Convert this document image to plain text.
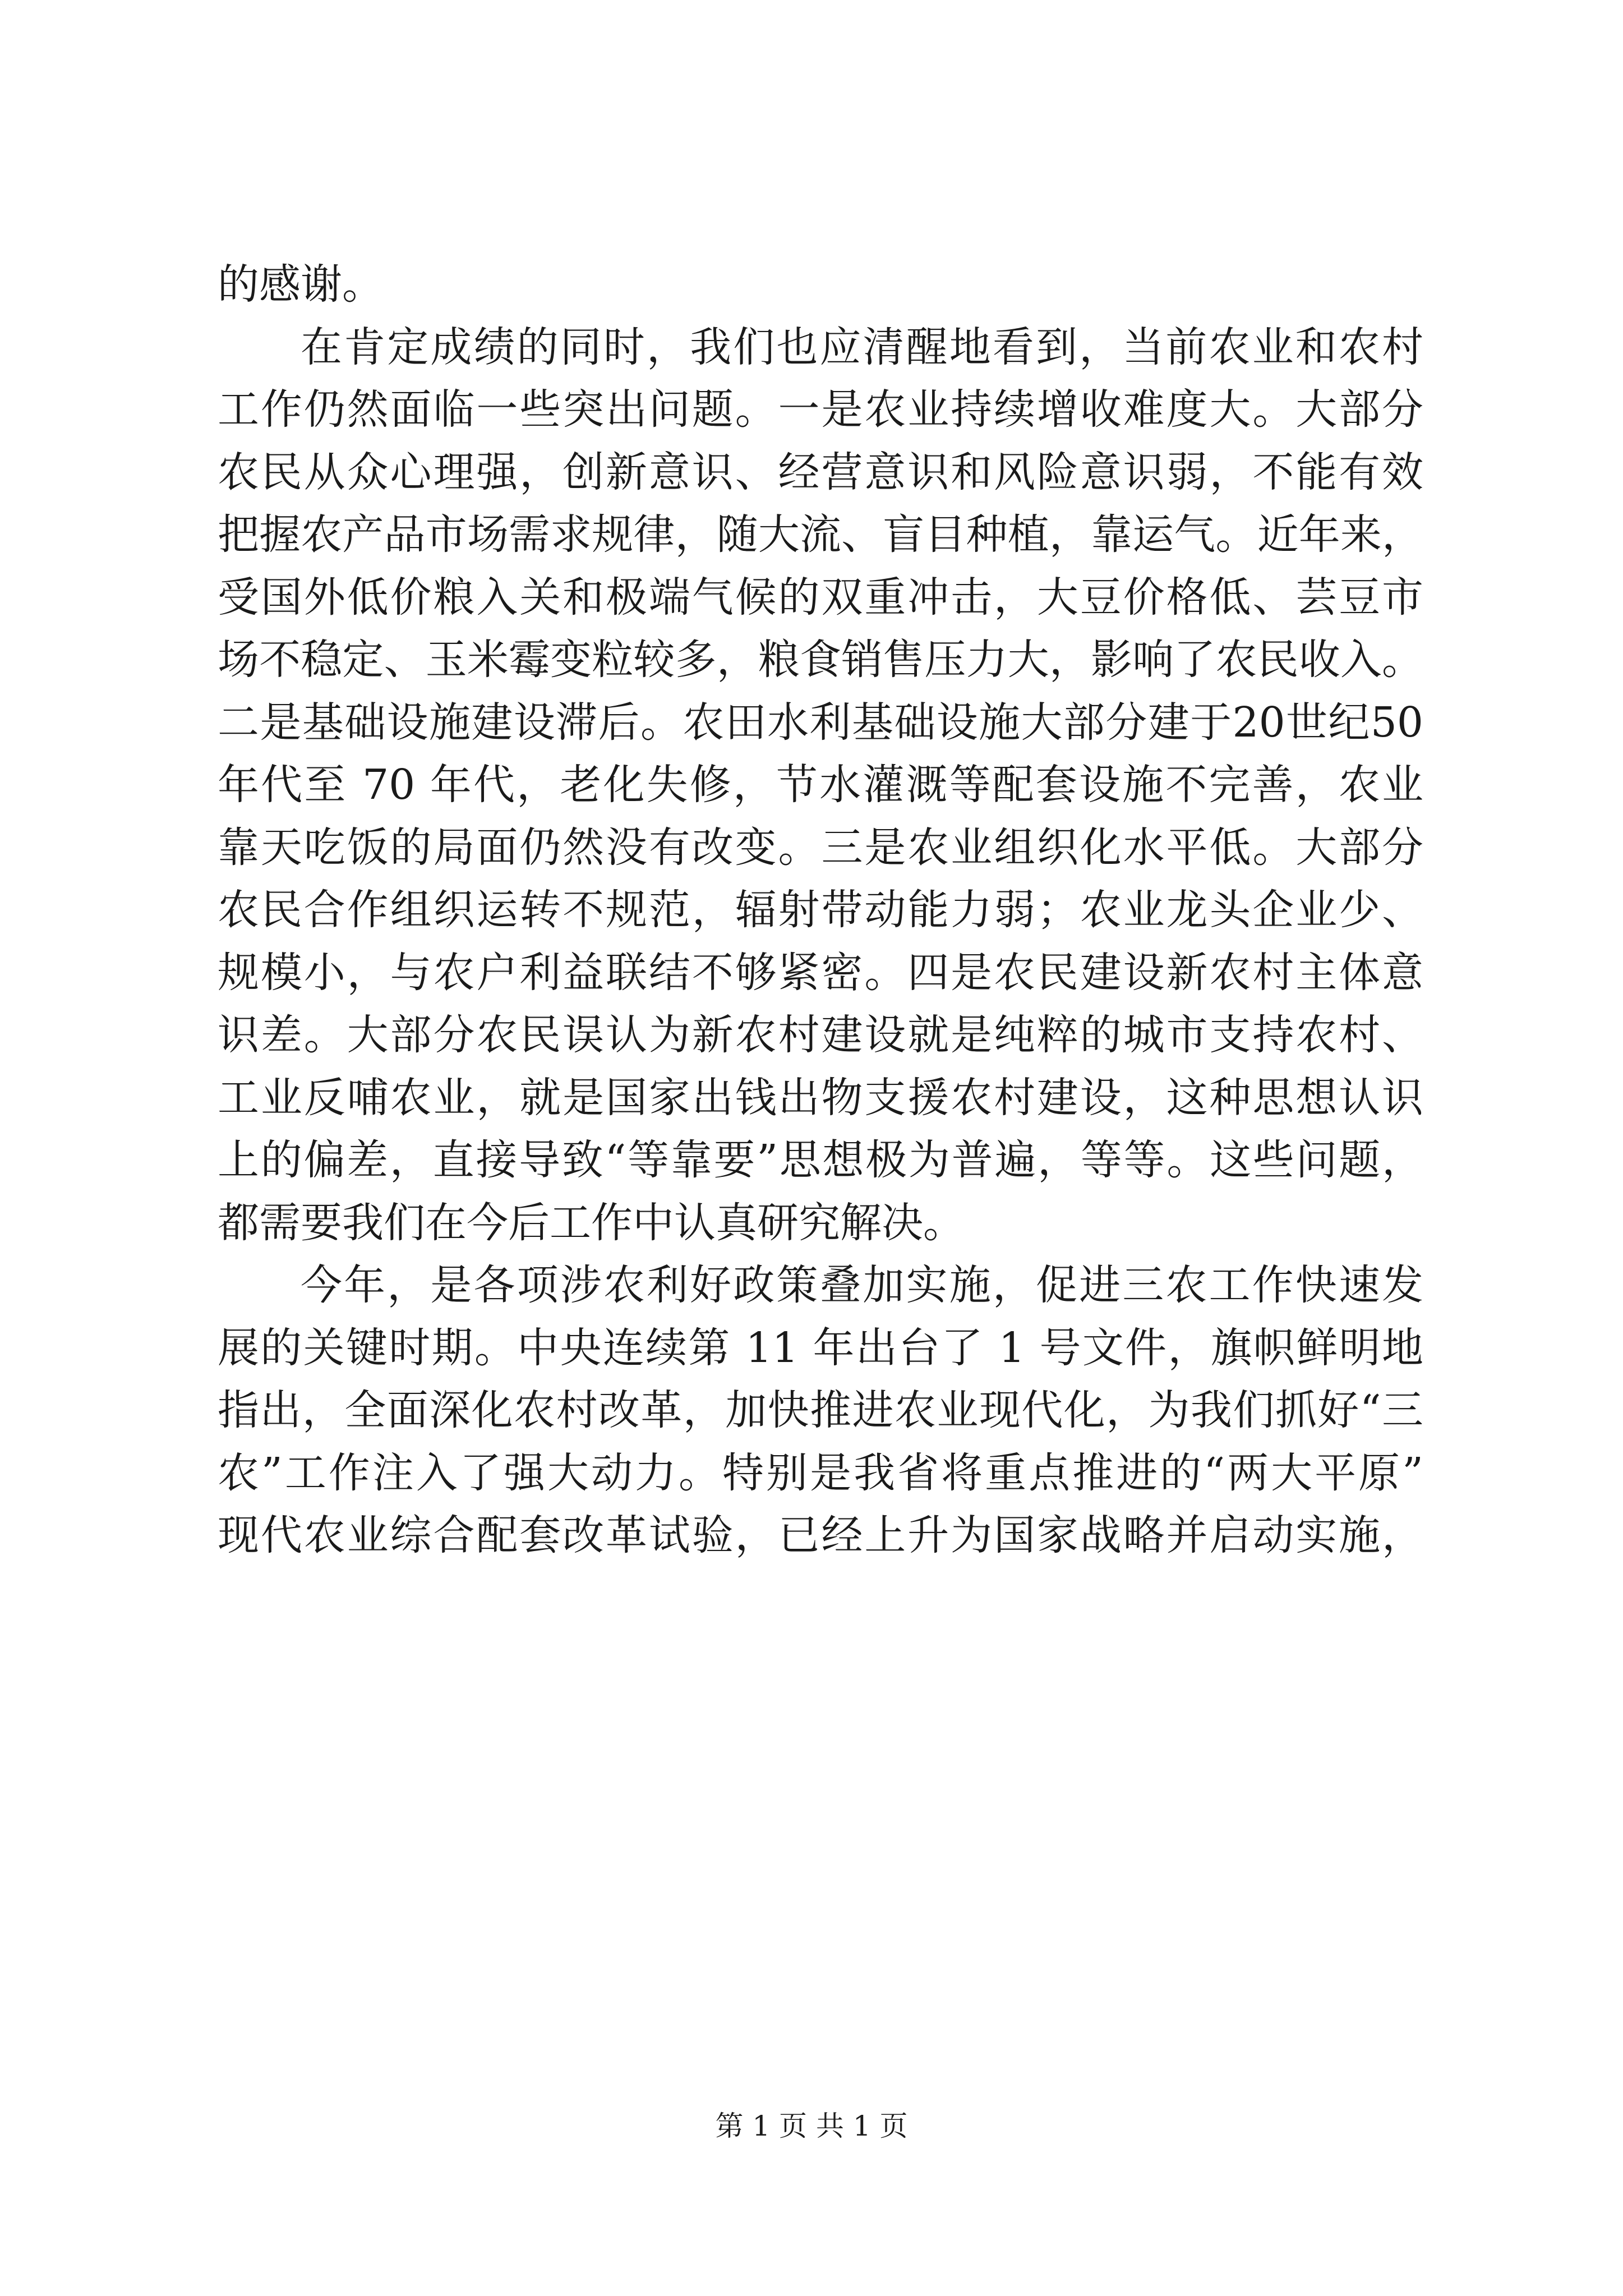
的感谢。
在肯定成绩的同时，我们也应清醒地看到，当前农业和农村
工作仍然面临一些突出问题。一是农业持续增收难度大。大部分
农民从众心理强，创新意识、经营意识和风险意识弱，不能有效
把握农产品市场需求规律，随大流、盲目种植，靠运气。近年来，
受国外低价粮入关和极端气候的双重冲击，大豆价格低、芸豆市
场不稳定、玉米霉变粒较多，粮食销售压力大，影响了农民收入。
二是基础设施建设滞后。农田水利基础设施大部分建于20世纪50
年代至 70 年代，老化失修，节水灌溉等配套设施不完善，农业
靠天吃饭的局面仍然没有改变。三是农业组织化水平低。大部分
农民合作组织运转不规范，辐射带动能力弱；农业龙头企业少、
规模小，与农户利益联结不够紧密。四是农民建设新农村主体意
识差。大部分农民误认为新农村建设就是纯粹的城市支持农村、
工业反哺农业，就是国家出钱出物支援农村建设，这种思想认识
上的偏差，直接导致“等靠要”思想极为普遍，等等。这些问题，
都需要我们在今后工作中认真研究解决。
今年，是各项涉农利好政策叠加实施，促进三农工作快速发
展的关键时期。中央连续第 11 年出台了 1 号文件，旗帜鲜明地
指出，全面深化农村改革，加快推进农业现代化，为我们抓好“三
农”工作注入了强大动力。特别是我省将重点推进的“两大平原”
现代农业综合配套改革试验，已经上升为国家战略并启动实施，
第 1 页 共 1 页
